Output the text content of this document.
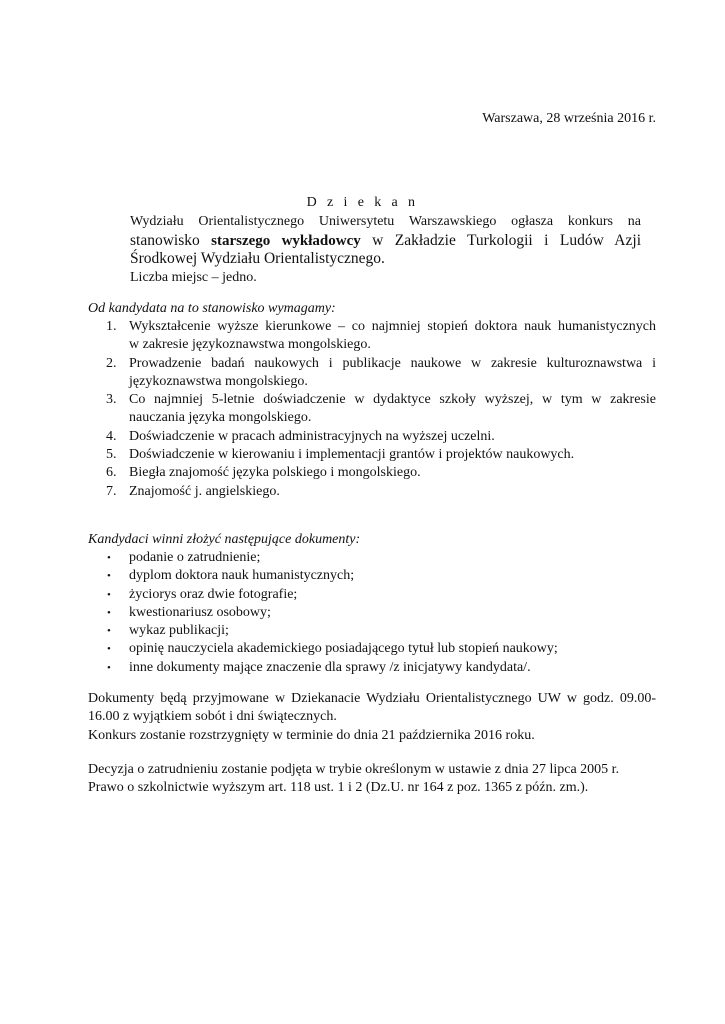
Warszawa, 28 września 2016 r.
D z i e k a n
Wydziału Orientalistycznego Uniwersytetu Warszawskiego ogłasza konkurs na
stanowisko starszego wykładowcy w Zakładzie Turkologii i Ludów Azji
Środkowej Wydziału Orientalistycznego.
Liczba miejsc – jedno.
Od kandydata na to stanowisko wymagamy:
1. Wykształcenie wyższe kierunkowe – co najmniej stopień doktora nauk humanistycznych
w zakresie językoznawstwa mongolskiego.
2. Prowadzenie badań naukowych i publikacje naukowe w zakresie kulturoznawstwa i
językoznawstwa mongolskiego.
3. Co najmniej 5-letnie doświadczenie w dydaktyce szkoły wyższej, w tym w zakresie
nauczania języka mongolskiego.
4. Doświadczenie w pracach administracyjnych na wyższej uczelni.
5. Doświadczenie w kierowaniu i implementacji grantów i projektów naukowych.
6. Biegła znajomość języka polskiego i mongolskiego.
7. Znajomość j. angielskiego.
Kandydaci winni złożyć następujące dokumenty:
• podanie o zatrudnienie;
• dyplom doktora nauk humanistycznych;
• życiorys oraz dwie fotografie;
• kwestionariusz osobowy;
• wykaz publikacji;
• opinię nauczyciela akademickiego posiadającego tytuł lub stopień naukowy;
• inne dokumenty mające znaczenie dla sprawy /z inicjatywy kandydata/.
Dokumenty będą przyjmowane w Dziekanacie Wydziału Orientalistycznego UW w godz. 09.00-
16.00 z wyjątkiem sobót i dni świątecznych.
Konkurs zostanie rozstrzygnięty w terminie do dnia 21 października 2016 roku.
Decyzja o zatrudnieniu zostanie podjęta w trybie określonym w ustawie z dnia 27 lipca 2005 r.
Prawo o szkolnictwie wyższym art. 118 ust. 1 i 2 (Dz.U. nr 164 z poz. 1365 z późn. zm.).
